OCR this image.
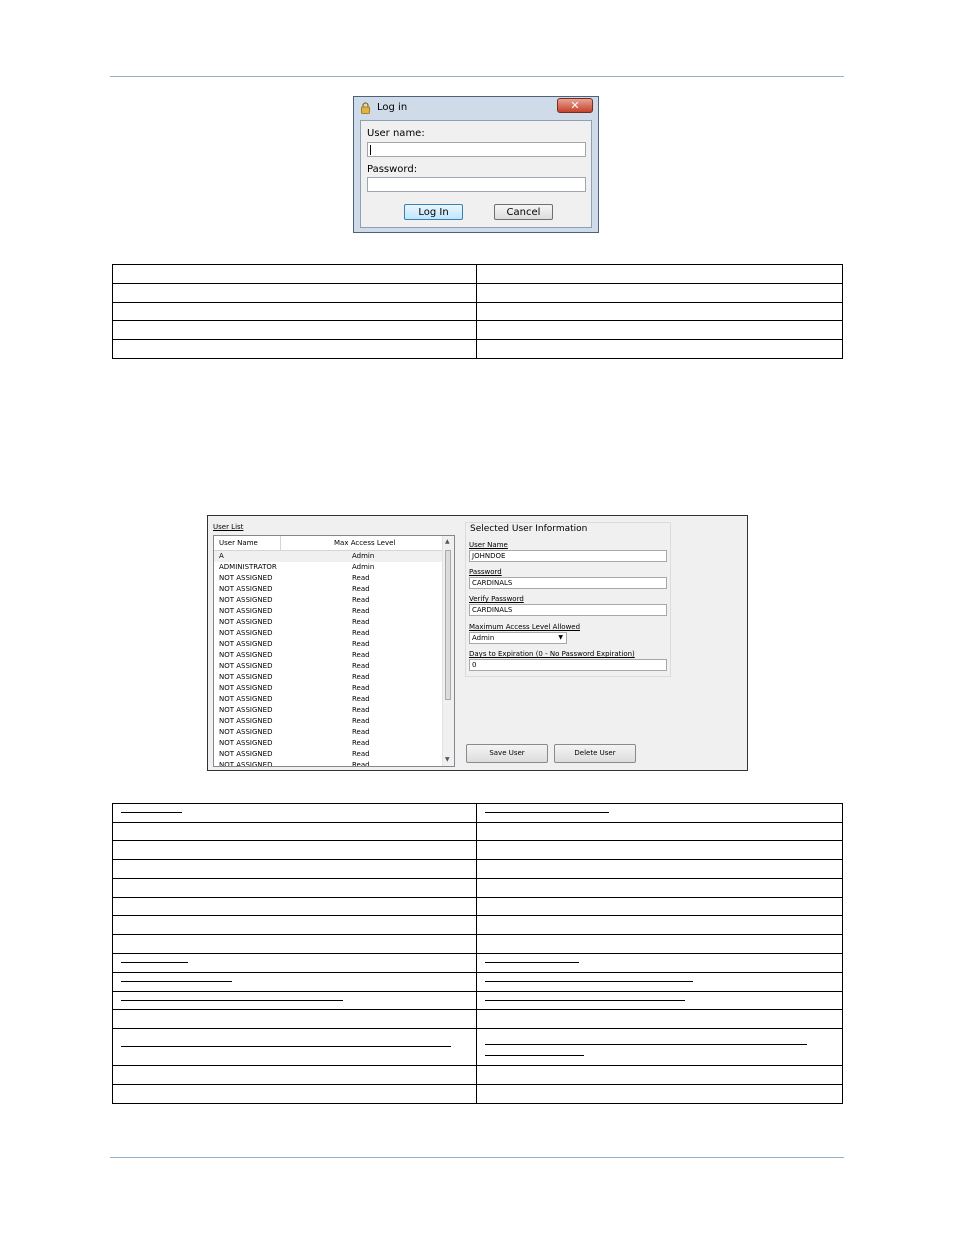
Log in	✕
User name:
Password:
Log In	Cancel

User List
User Name	Max Access Level
A	Admin
ADMINISTRATOR	Admin
NOT ASSIGNED	Read
NOT ASSIGNED	Read
NOT ASSIGNED	Read
NOT ASSIGNED	Read
NOT ASSIGNED	Read
NOT ASSIGNED	Read
NOT ASSIGNED	Read
NOT ASSIGNED	Read
NOT ASSIGNED	Read
NOT ASSIGNED	Read
NOT ASSIGNED	Read
NOT ASSIGNED	Read
NOT ASSIGNED	Read
NOT ASSIGNED	Read
NOT ASSIGNED	Read
NOT ASSIGNED	Read
NOT ASSIGNED	Read
NOT ASSIGNED	Read
▲
▼
Selected User Information
User Name
JOHNDOE
Password
CARDINALS
Verify Password
CARDINALS
Maximum Access Level Allowed
Admin	▼
Days to Expiration (0 - No Password Expiration)
0
Save User	Delete User
